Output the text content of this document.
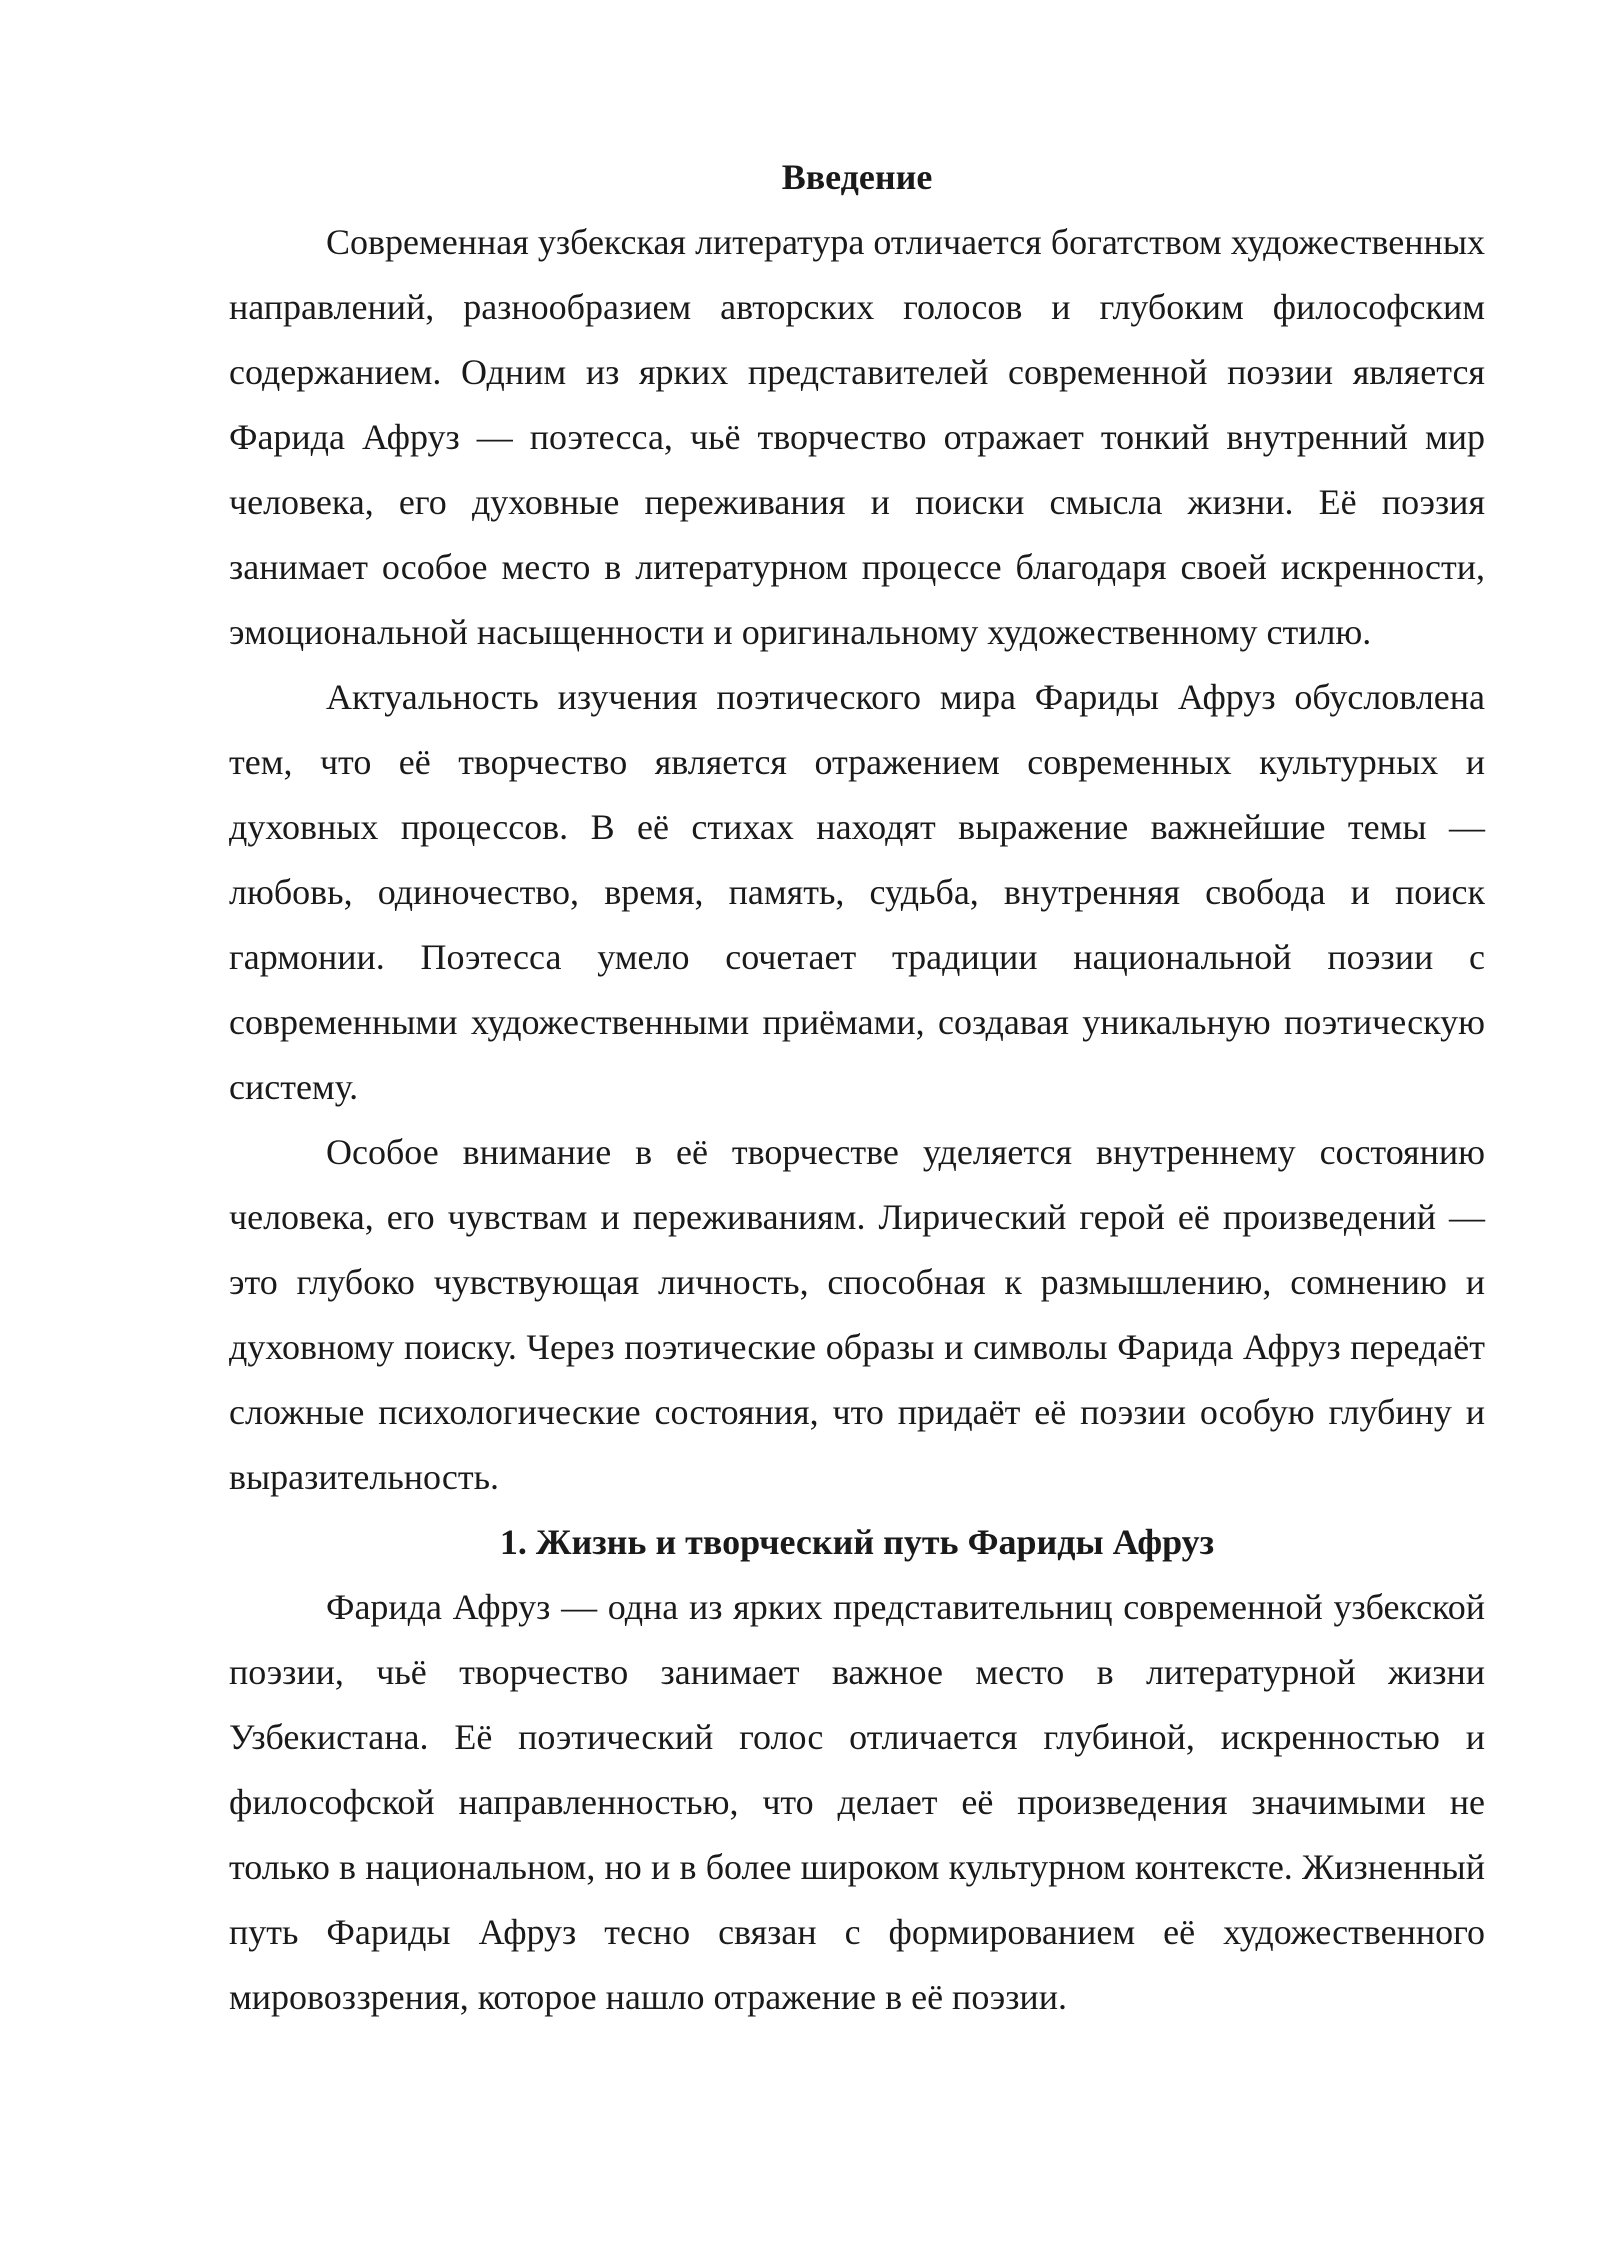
Введение

Современная узбекская литература отличается богатством художественных направлений, разнообразием авторских голосов и глубоким философским содержанием. Одним из ярких представителей современной поэзии является Фарида Афруз — поэтесса, чьё творчество отражает тонкий внутренний мир человека, его духовные переживания и поиски смысла жизни. Её поэзия занимает особое место в литературном процессе благодаря своей искренности, эмоциональной насыщенности и оригинальному художественному стилю.

Актуальность изучения поэтического мира Фариды Афруз обусловлена тем, что её творчество является отражением современных культурных и духовных процессов. В её стихах находят выражение важнейшие темы — любовь, одиночество, время, память, судьба, внутренняя свобода и поиск гармонии. Поэтесса умело сочетает традиции национальной поэзии с современными художественными приёмами, создавая уникальную поэтическую систему.

Особое внимание в её творчестве уделяется внутреннему состоянию человека, его чувствам и переживаниям. Лирический герой её произведений — это глубоко чувствующая личность, способная к размышлению, сомнению и духовному поиску. Через поэтические образы и символы Фарида Афруз передаёт сложные психологические состояния, что придаёт её поэзии особую глубину и выразительность.

1. Жизнь и творческий путь Фариды Афруз

Фарида Афруз — одна из ярких представительниц современной узбекской поэзии, чьё творчество занимает важное место в литературной жизни Узбекистана. Её поэтический голос отличается глубиной, искренностью и философской направленностью, что делает её произведения значимыми не только в национальном, но и в более широком культурном контексте. Жизненный путь Фариды Афруз тесно связан с формированием её художественного мировоззрения, которое нашло отражение в её поэзии.
